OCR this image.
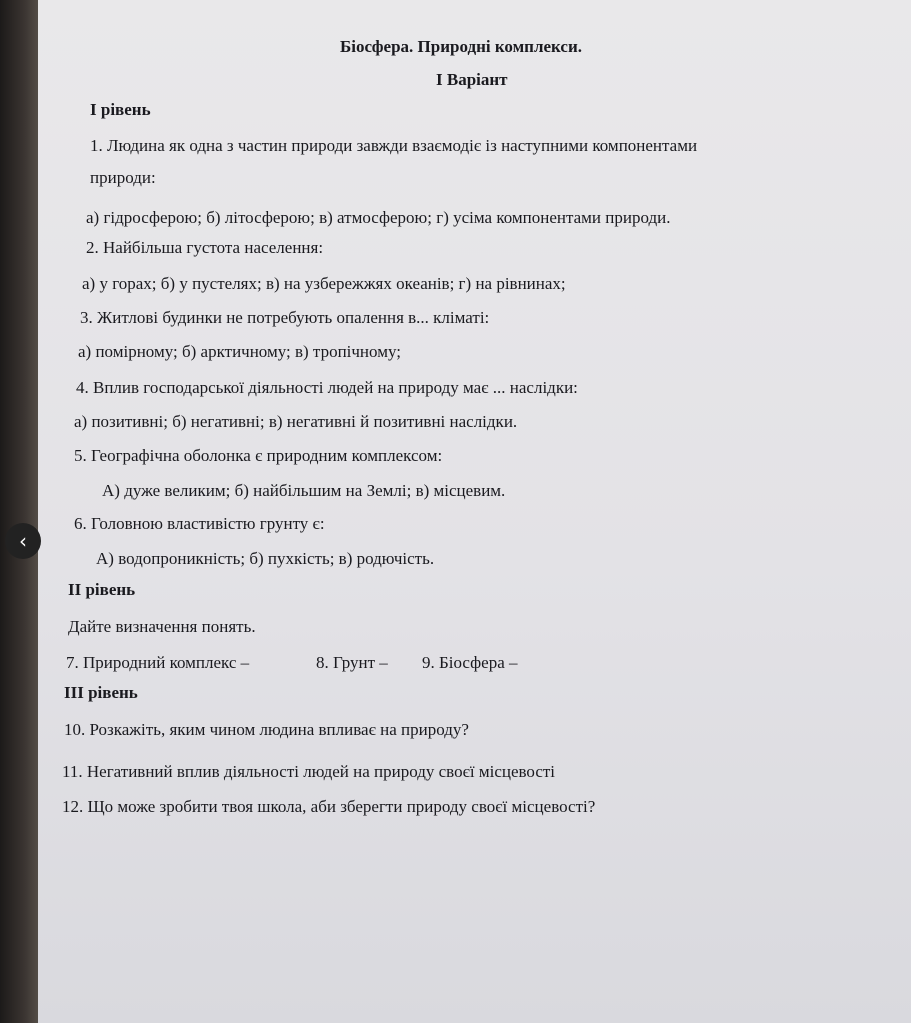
Біосфера. Природні комплекси.
І Варіант
І рівень
1. Людина як одна з частин природи завжди взаємодіє із наступними компонентами
природи:
а) гідросферою; б) літосферою; в) атмосферою; г) усіма компонентами природи.
2. Найбільша густота населення:
а) у горах; б) у пустелях; в) на узбережжях океанів; г) на рівнинах;
3. Житлові будинки не потребують опалення в... кліматі:
а) помірному; б) арктичному; в) тропічному;
4. Вплив господарської діяльності людей на природу має ... наслідки:
а) позитивні; б) негативні; в) негативні й позитивні наслідки.
5. Географічна оболонка є природним комплексом:
А) дуже великим; б) найбільшим на Землі; в) місцевим.
6. Головною властивістю грунту є:
А) водопроникність; б) пухкість; в) родючість.
ІІ рівень
Дайте визначення понять.
7. Природний комплекс –	8. Грунт – 9. Біосфера –
ІІІ рівень
10. Розкажіть, яким чином людина впливає на природу?
11. Негативний вплив діяльності людей на природу своєї місцевості
12. Що може зробити твоя школа, аби зберегти природу своєї місцевості?
‹
